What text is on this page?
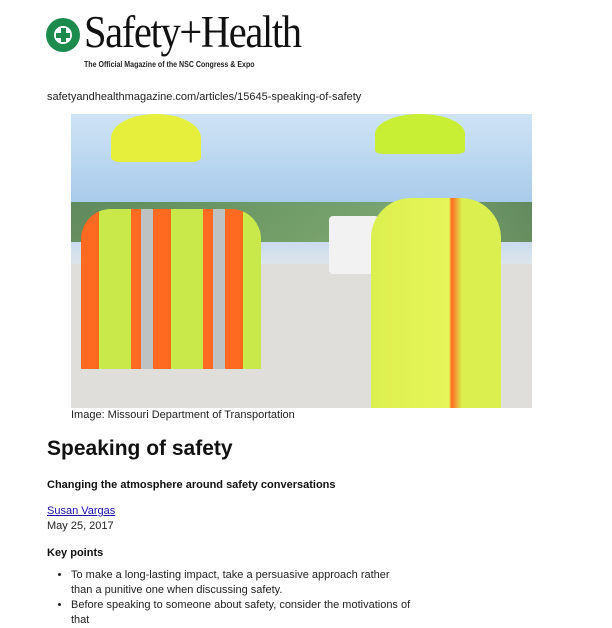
Safety+Health
The Official Magazine of the NSC Congress & Expo
safetyandhealthmagazine.com/articles/15645-speaking-of-safety
Image: Missouri Department of Transportation
Speaking of safety
Changing the atmosphere around safety conversations
Susan Vargas
May 25, 2017
Key points
• To make a long-lasting impact, take a persuasive approach rather than a punitive one when discussing safety.
• Before speaking to someone about safety, consider the motivations of that
